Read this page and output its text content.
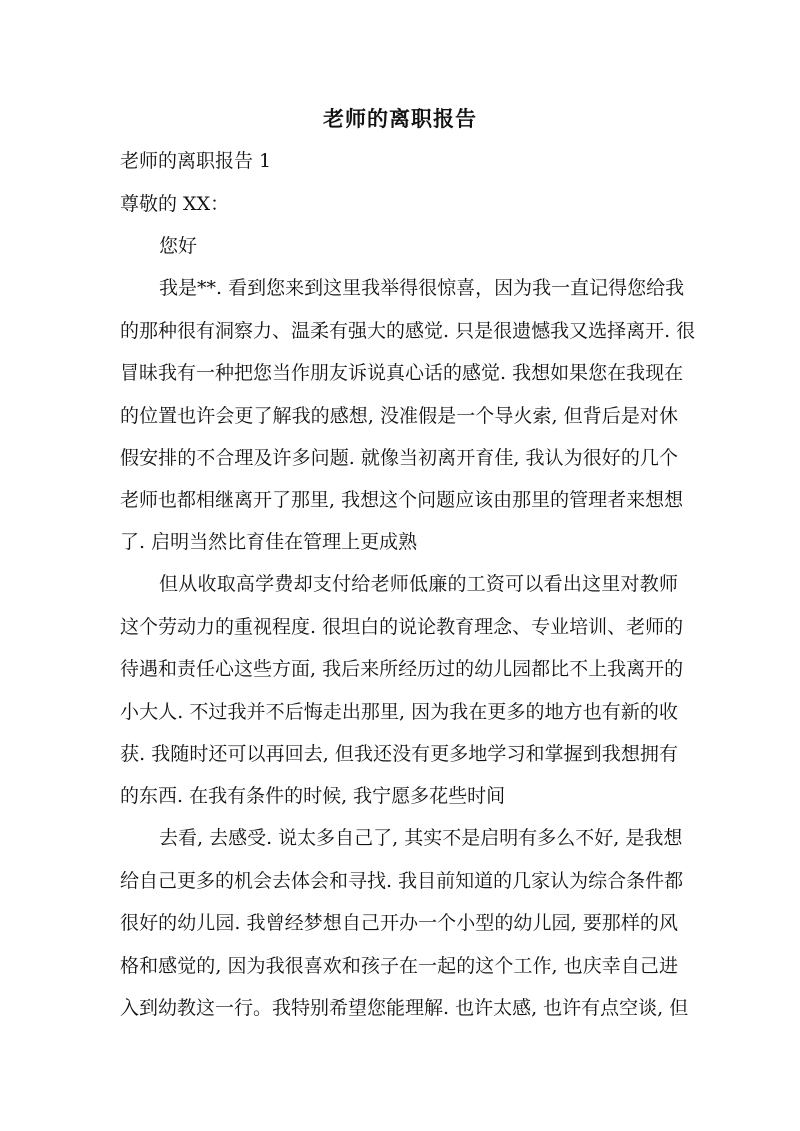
老师的离职报告
老师的离职报告 1
尊敬的 XX：
您好
我是**. 看到您来到这里我举得很惊喜，因为我一直记得您给我
的那种很有洞察力、温柔有强大的感觉. 只是很遗憾我又选择离开. 很
冒昧我有一种把您当作朋友诉说真心话的感觉. 我想如果您在我现在
的位置也许会更了解我的感想, 没准假是一个导火索, 但背后是对休
假安排的不合理及许多问题. 就像当初离开育佳, 我认为很好的几个
老师也都相继离开了那里, 我想这个问题应该由那里的管理者来想想
了. 启明当然比育佳在管理上更成熟
但从收取高学费却支付给老师低廉的工资可以看出这里对教师
这个劳动力的重视程度. 很坦白的说论教育理念、专业培训、老师的
待遇和责任心这些方面, 我后来所经历过的幼儿园都比不上我离开的
小大人. 不过我并不后悔走出那里, 因为我在更多的地方也有新的收
获. 我随时还可以再回去, 但我还没有更多地学习和掌握到我想拥有
的东西. 在我有条件的时候, 我宁愿多花些时间
去看, 去感受. 说太多自己了, 其实不是启明有多么不好, 是我想
给自己更多的机会去体会和寻找. 我目前知道的几家认为综合条件都
很好的幼儿园. 我曾经梦想自己开办一个小型的幼儿园, 要那样的风
格和感觉的, 因为我很喜欢和孩子在一起的这个工作, 也庆幸自己进
入到幼教这一行。我特别希望您能理解. 也许太感, 也许有点空谈, 但
